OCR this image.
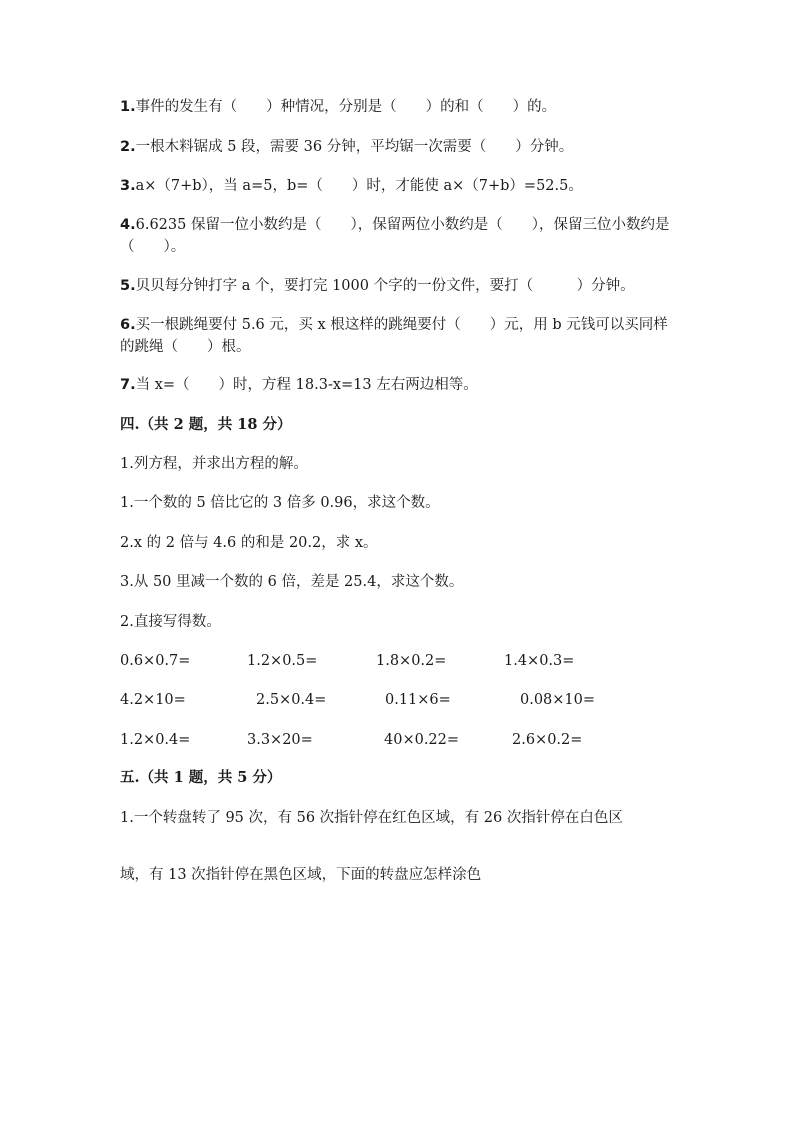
1.事件的发生有（　　）种情况，分别是（　　）的和（　　）的。
2.一根木料锯成 5 段，需要 36 分钟，平均锯一次需要（　　）分钟。
3.a×（7+b），当 a=5，b=（　　）时，才能使 a×（7+b）=52.5。
4.6.6235 保留一位小数约是（　　），保留两位小数约是（　　），保留三位小数约是（　　）。
5.贝贝每分钟打字 a 个，要打完 1000 个字的一份文件，要打（　　　）分钟。
6.买一根跳绳要付 5.6 元，买 x 根这样的跳绳要付（　　）元，用 b 元钱可以买同样的跳绳（　　）根。
7.当 x=（　　）时，方程 18.3-x=13 左右两边相等。
四.（共 2 题，共 18 分）
1.列方程，并求出方程的解。
1.一个数的 5 倍比它的 3 倍多 0.96，求这个数。
2.x 的 2 倍与 4.6 的和是 20.2，求 x。
3.从 50 里减一个数的 6 倍，差是 25.4，求这个数。
2.直接写得数。
0.6×0.7=	1.2×0.5=	1.8×0.2=	1.4×0.3=
4.2×10=	2.5×0.4=	0.11×6=	0.08×10=
1.2×0.4=	3.3×20=	40×0.22=	2.6×0.2=
五.（共 1 题，共 5 分）
1.一个转盘转了 95 次，有 56 次指针停在红色区域，有 26 次指针停在白色区
域，有 13 次指针停在黑色区域，下面的转盘应怎样涂色
